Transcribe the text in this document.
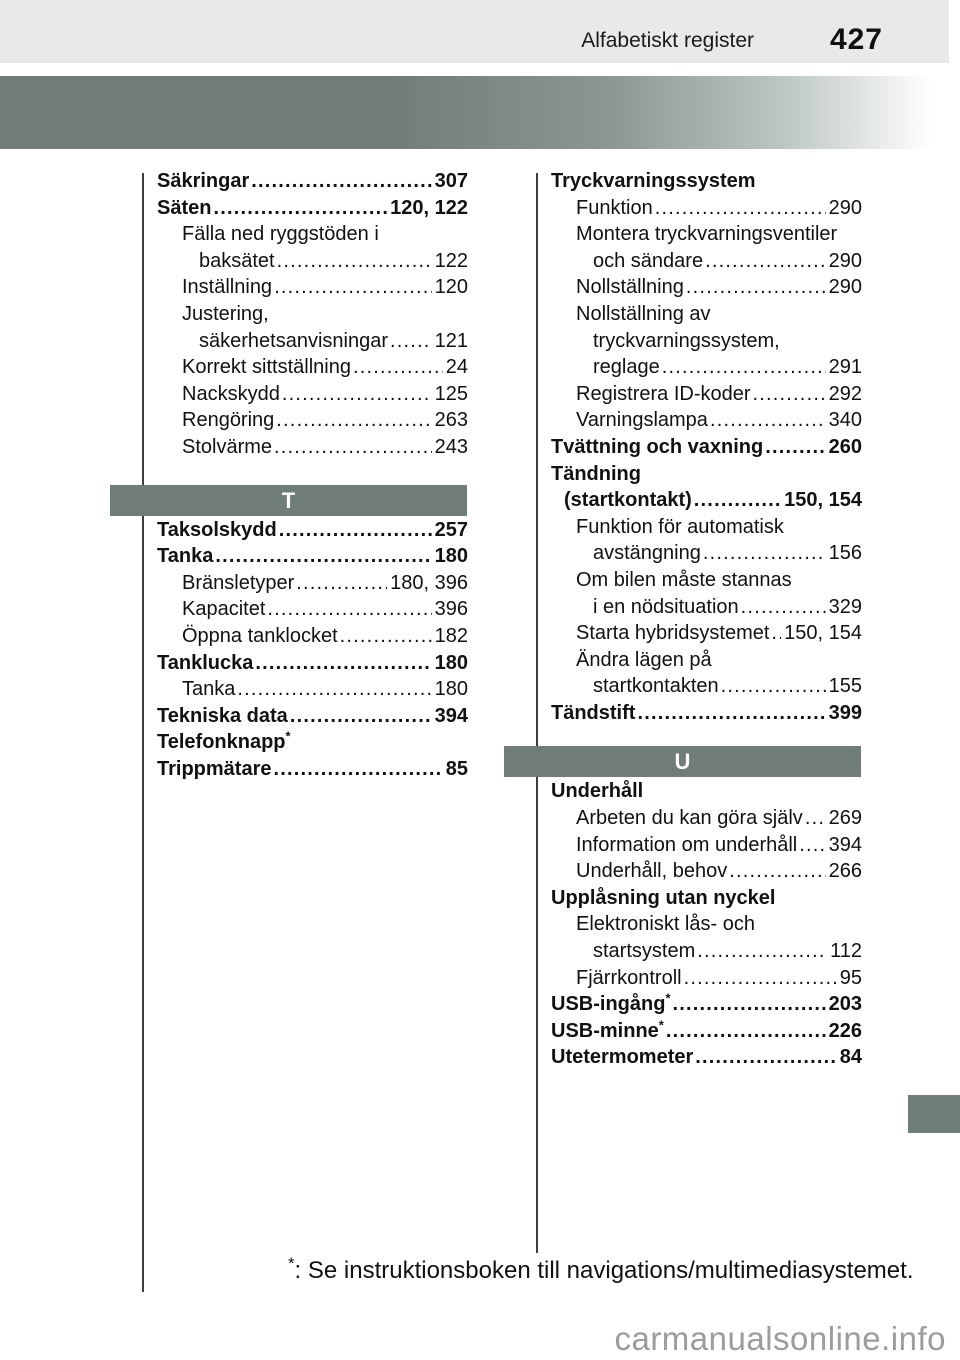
Alfabetiskt register	427
Säkringar .....	307
Säten .....	120, 122
Fälla ned ryggstöden i
baksätet .....	122
Inställning .....	120
Justering,
säkerhetsanvisningar ..... 121
Korrekt sittställning .....	24
Nackskydd .....	125
Rengöring .....	263
Stolvärme .....	243
T
Taksolskydd .....	257
Tanka .....	180
Bränsletyper .....	180, 396
Kapacitet .....	396
Öppna tanklocket .....	182
Tanklucka .....	180
Tanka .....	180
Tekniska data .....	394
Telefonknapp*
Trippmätare .....	85
Tryckvarningssystem
Funktion .....	290
Montera tryckvarningsventiler
och sändare .....	290
Nollställning .....	290
Nollställning av
tryckvarningssystem,
reglage .....	291
Registrera ID-koder .....	292
Varningslampa .....	340
Tvättning och vaxning .....	260
Tändning
(startkontakt) .....	150, 154
Funktion för automatisk
avstängning .....	156
Om bilen måste stannas
i en nödsituation .....	329
Starta hybridsystemet ..... 150, 154
Ändra lägen på
startkontakten .....	155
Tändstift .....	399
U
Underhåll
Arbeten du kan göra själv ..... 269
Information om underhåll ..... 394
Underhåll, behov .....	266
Upplåsning utan nyckel
Elektroniskt lås- och
startsystem .....	112
Fjärrkontroll .....	95
USB-ingång* .....	203
USB-minne* .....	226
Utetermometer .....	84
*: Se instruktionsboken till navigations/multimediasystemet.
carmanualsonline.info
